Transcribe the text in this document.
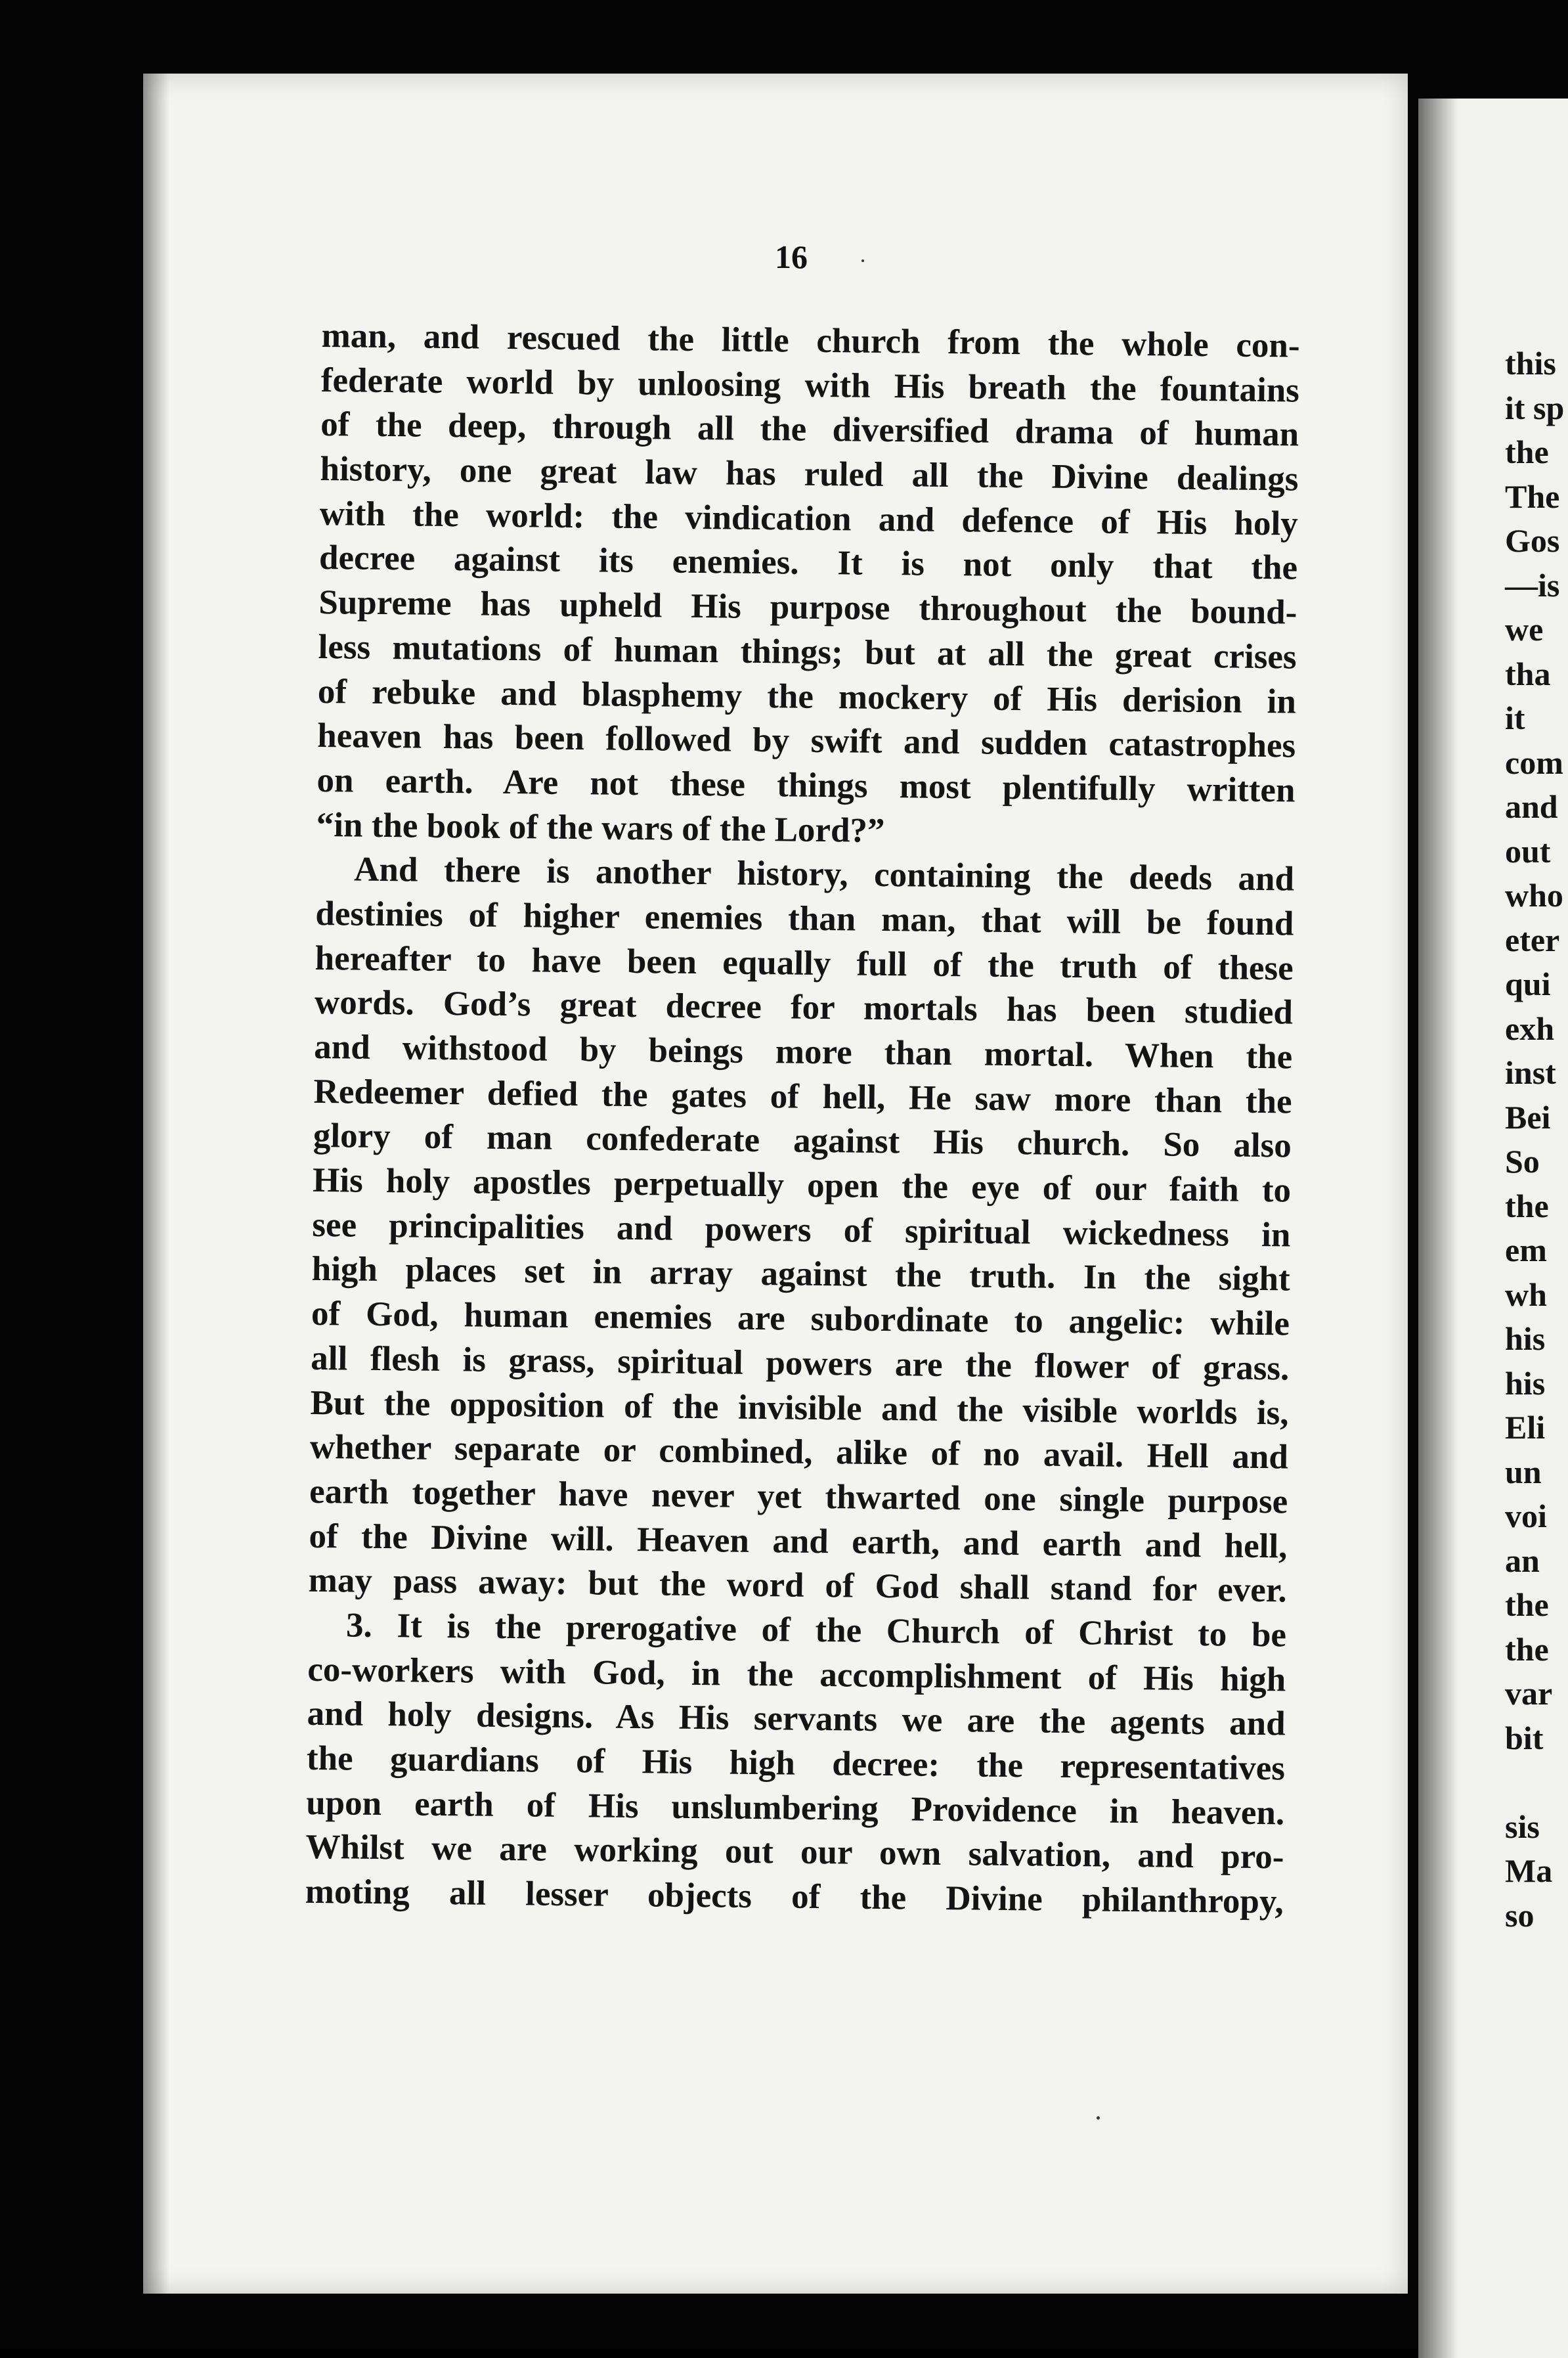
16
man, and rescued the little church from the whole con-
federate world by unloosing with His breath the fountains
of the deep, through all the diversified drama of human
history, one great law has ruled all the Divine dealings
with the world: the vindication and defence of His holy
decree against its enemies. It is not only that the
Supreme has upheld His purpose throughout the bound-
less mutations of human things; but at all the great crises
of rebuke and blasphemy the mockery of His derision in
heaven has been followed by swift and sudden catastrophes
on earth. Are not these things most plentifully written
“in the book of the wars of the Lord?”
And there is another history, containing the deeds and
destinies of higher enemies than man, that will be found
hereafter to have been equally full of the truth of these
words. God’s great decree for mortals has been studied
and withstood by beings more than mortal. When the
Redeemer defied the gates of hell, He saw more than the
glory of man confederate against His church. So also
His holy apostles perpetually open the eye of our faith to
see principalities and powers of spiritual wickedness in
high places set in array against the truth. In the sight
of God, human enemies are subordinate to angelic: while
all flesh is grass, spiritual powers are the flower of grass.
But the opposition of the invisible and the visible worlds is,
whether separate or combined, alike of no avail. Hell and
earth together have never yet thwarted one single purpose
of the Divine will. Heaven and earth, and earth and hell,
may pass away: but the word of God shall stand for ever.
3. It is the prerogative of the Church of Christ to be
co-workers with God, in the accomplishment of His high
and holy designs. As His servants we are the agents and
the guardians of His high decree: the representatives
upon earth of His unslumbering Providence in heaven.
Whilst we are working out our own salvation, and pro-
moting all lesser objects of the Divine philanthropy,
this
it sp
the
The
Gos
—is
we
tha
it
com
and
out
who
eter
qui
exh
inst
Bei
So
the
em
wh
his
his
Eli
un
voi
an
the
the
var
bit
sis
Ma
so
